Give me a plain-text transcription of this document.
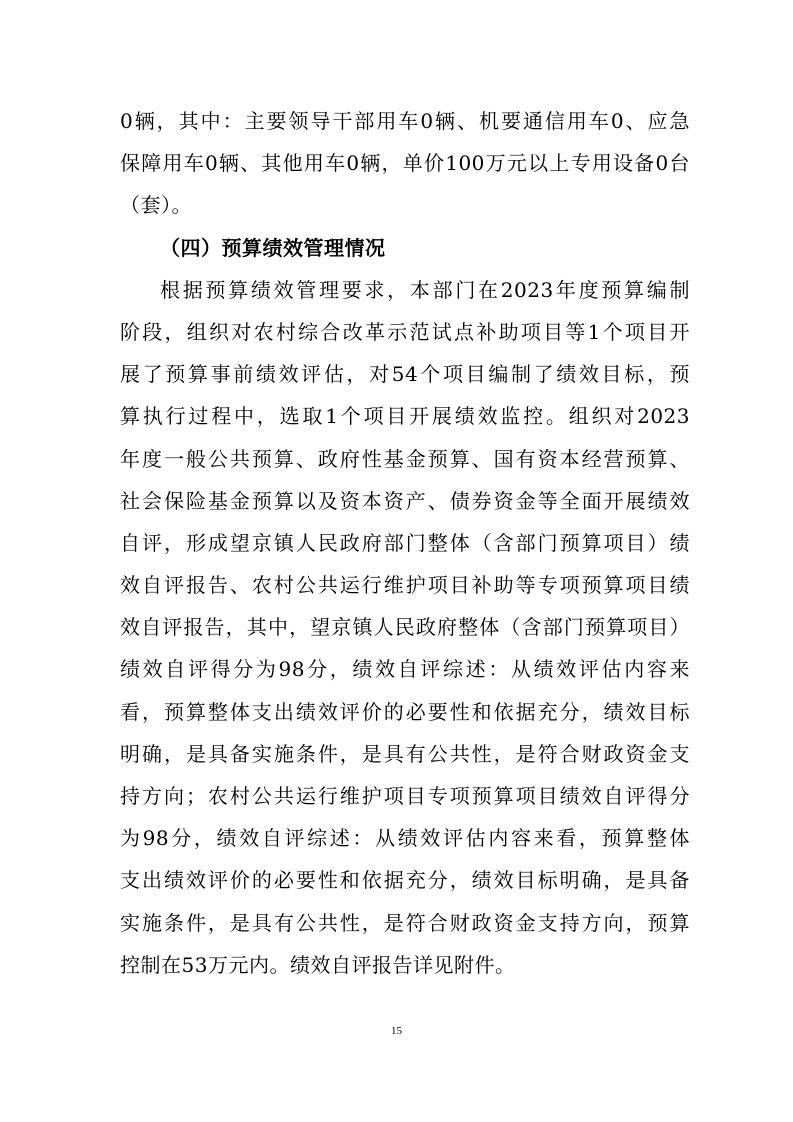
0辆，其中：主要领导干部用车0辆、机要通信用车0、应急
保障用车0辆、其他用车0辆，单价100万元以上专用设备0台
（套）。
（四）预算绩效管理情况
根据预算绩效管理要求，本部门在2023年度预算编制
阶段，组织对农村综合改革示范试点补助项目等1个项目开
展了预算事前绩效评估，对54个项目编制了绩效目标，预
算执行过程中，选取1个项目开展绩效监控。组织对2023
年度一般公共预算、政府性基金预算、国有资本经营预算、
社会保险基金预算以及资本资产、债券资金等全面开展绩效
自评，形成望京镇人民政府部门整体（含部门预算项目）绩
效自评报告、农村公共运行维护项目补助等专项预算项目绩
效自评报告，其中，望京镇人民政府整体（含部门预算项目）
绩效自评得分为98分，绩效自评综述：从绩效评估内容来
看，预算整体支出绩效评价的必要性和依据充分，绩效目标
明确，是具备实施条件，是具有公共性，是符合财政资金支
持方向；农村公共运行维护项目专项预算项目绩效自评得分
为98分，绩效自评综述：从绩效评估内容来看，预算整体
支出绩效评价的必要性和依据充分，绩效目标明确，是具备
实施条件，是具有公共性，是符合财政资金支持方向，预算
控制在53万元内。绩效自评报告详见附件。
15
